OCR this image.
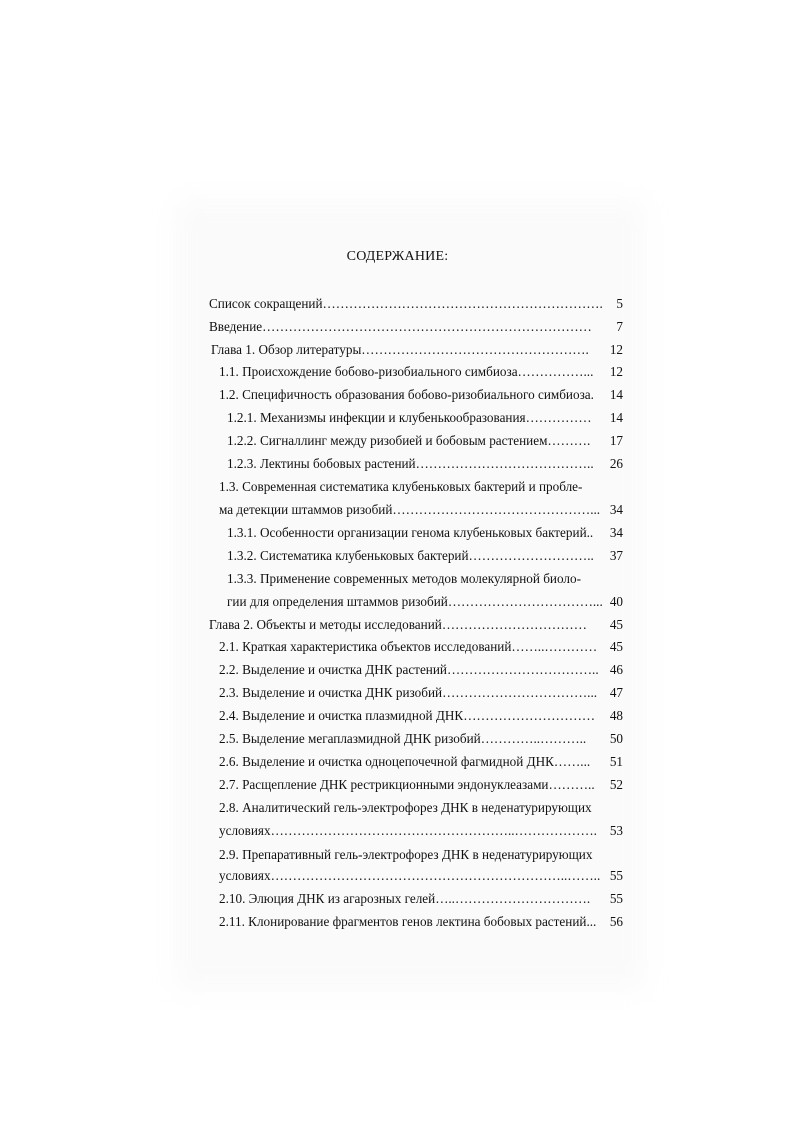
СОДЕРЖАНИЕ:
Список сокращений………………………………………………………. 5
Введение………………………………………………………………… 7
Глава 1. Обзор литературы……………………………………………. 12
1.1. Происхождение бобово-ризобиального симбиоза……………... 12
1.2. Специфичность образования бобово-ризобиального симбиоза. 14
1.2.1. Механизмы инфекции и клубенькообразования…………… 14
1.2.2. Сигналлинг между ризобией и бобовым растением………. 17
1.2.3. Лектины бобовых растений………………………………….. 26
1.3. Современная систематика клубеньковых бактерий и пробле-
ма детекции штаммов ризобий………………………………………... 34
1.3.1. Особенности организации генома клубеньковых бактерий.. 34
1.3.2. Систематика клубеньковых бактерий……………………….. 37
1.3.3. Применение современных методов молекулярной биоло-
гии для определения штаммов ризобий……………………………... 40
Глава 2. Объекты и методы исследований…………………………… 45
2.1. Краткая характеристика объектов исследований……..………… 45
2.2. Выделение и очистка ДНК растений…………………………….. 46
2.3. Выделение и очистка ДНК ризобий……………………………... 47
2.4. Выделение и очистка плазмидной ДНК………………………… 48
2.5. Выделение мегаплазмидной ДНК ризобий…………..……….. 50
2.6. Выделение и очистка одноцепочечной фагмидной ДНК……... 51
2.7. Расщепление ДНК рестрикционными эндонуклеазами……….. 52
2.8. Аналитический гель-электрофорез ДНК в неденатурирующих
условиях………………………………………………..………………. 53
2.9. Препаративный гель-электрофорез ДНК в неденатурирующих
условиях…………………………………………………………..…….. 55
2.10. Элюция ДНК из агарозных гелей…..…………………………. 55
2.11. Клонирование фрагментов генов лектина бобовых растений... 56
